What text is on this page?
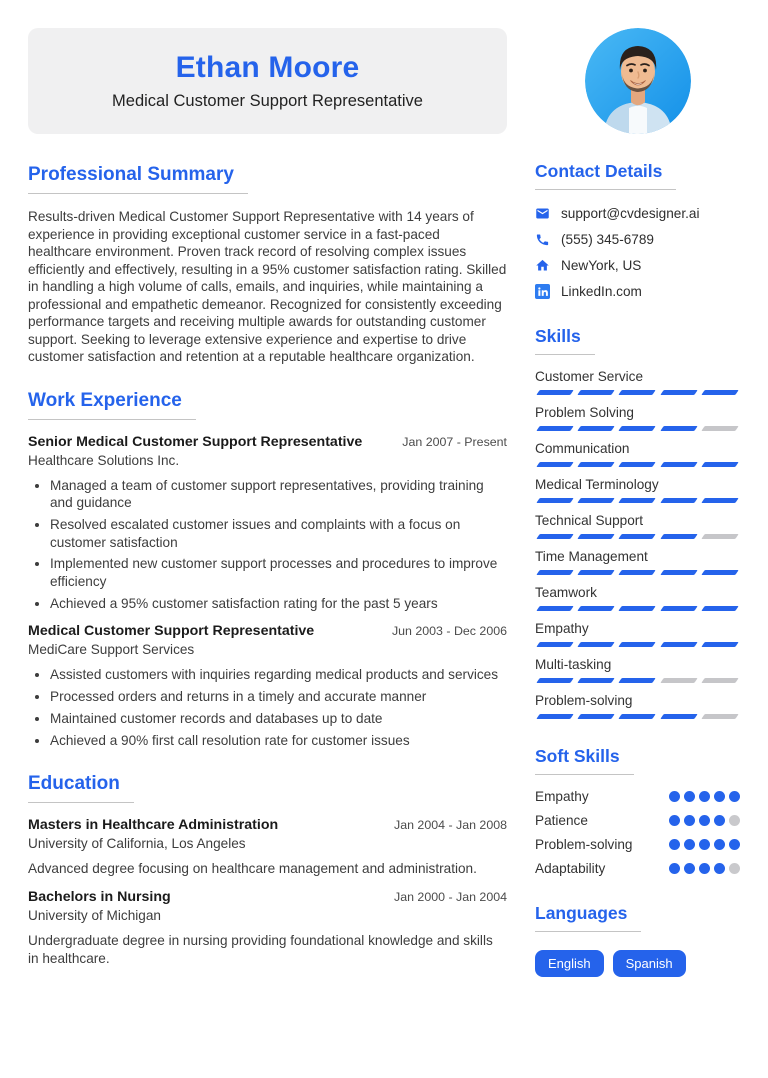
Ethan Moore
Medical Customer Support Representative
Professional Summary

Results-driven Medical Customer Support Representative with 14 years of experience in providing exceptional customer service in a fast-paced healthcare environment. Proven track record of resolving complex issues efficiently and effectively, resulting in a 95% customer satisfaction rating. Skilled in handling a high volume of calls, emails, and inquiries, while maintaining a professional and empathetic demeanor. Recognized for consistently exceeding performance targets and receiving multiple awards for outstanding customer support. Seeking to leverage extensive experience and expertise to drive customer satisfaction and retention at a reputable healthcare organization.

Work Experience
Senior Medical Customer Support Representative	Jan 2007 - Present
Healthcare Solutions Inc.
• Managed a team of customer support representatives, providing training and guidance
• Resolved escalated customer issues and complaints with a focus on customer satisfaction
• Implemented new customer support processes and procedures to improve efficiency
• Achieved a 95% customer satisfaction rating for the past 5 years
Medical Customer Support Representative	Jun 2003 - Dec 2006
MediCare Support Services
• Assisted customers with inquiries regarding medical products and services
• Processed orders and returns in a timely and accurate manner
• Maintained customer records and databases up to date
• Achieved a 90% first call resolution rate for customer issues
Education
Masters in Healthcare Administration	Jan 2004 - Jan 2008
University of California, Los Angeles

Advanced degree focusing on healthcare management and administration.

Bachelors in Nursing	Jan 2000 - Jan 2004
University of Michigan

Undergraduate degree in nursing providing foundational knowledge and skills in healthcare.

Contact Details
support@cvdesigner.ai
(555) 345-6789
NewYork, US
LinkedIn.com
Skills
Customer Service
Problem Solving
Communication
Medical Terminology
Technical Support
Time Management
Teamwork
Empathy
Multi-tasking
Problem-solving
Soft Skills
Empathy
Patience
Problem-solving
Adaptability
Languages
English	Spanish
